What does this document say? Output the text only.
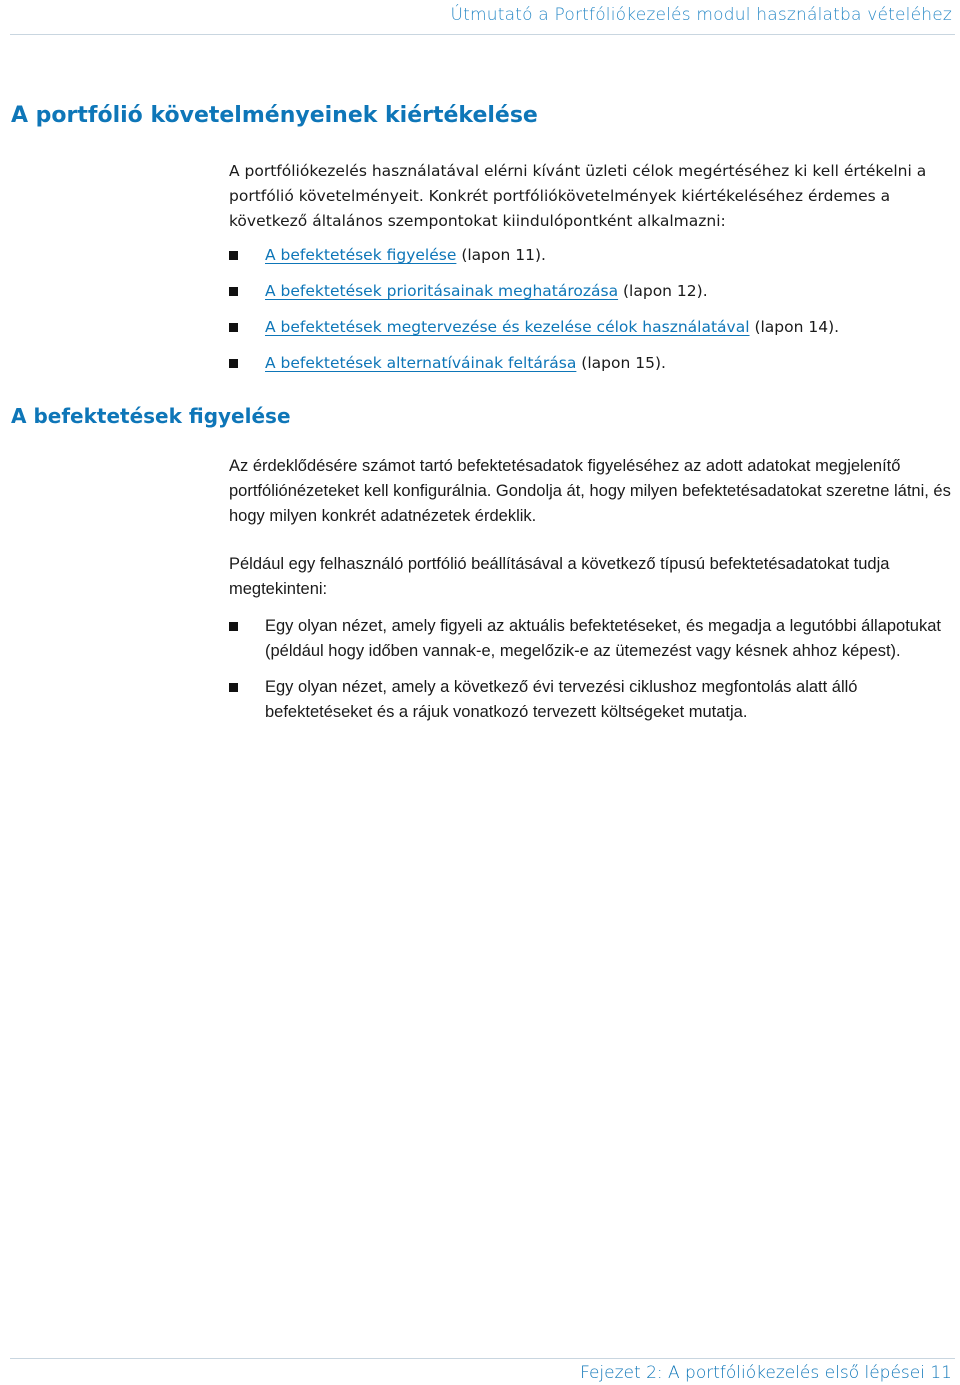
Útmutató a Portfóliókezelés modul használatba vételéhez
A portfólió követelményeinek kiértékelése

A portfóliókezelés használatával elérni kívánt üzleti célok megértéséhez ki kell értékelni a portfólió követelményeit. Konkrét portfóliókövetelmények kiértékeléséhez érdemes a következő általános szempontokat kiindulópontként alkalmazni:

A befektetések figyelése (lapon 11).
A befektetések prioritásainak meghatározása (lapon 12).
A befektetések megtervezése és kezelése célok használatával (lapon 14).
A befektetések alternatíváinak feltárása (lapon 15).
A befektetések figyelése

Az érdeklődésére számot tartó befektetésadatok figyeléséhez az adott adatokat megjelenítő portfóliónézeteket kell konfigurálnia. Gondolja át, hogy milyen befektetésadatokat szeretne látni, és hogy milyen konkrét adatnézetek érdeklik.

Például egy felhasználó portfólió beállításával a következő típusú befektetésadatokat tudja megtekinteni:

Egy olyan nézet, amely figyeli az aktuális befektetéseket, és megadja a legutóbbi állapotukat (például hogy időben vannak-e, megelőzik-e az ütemezést vagy késnek ahhoz képest).
Egy olyan nézet, amely a következő évi tervezési ciklushoz megfontolás alatt álló befektetéseket és a rájuk vonatkozó tervezett költségeket mutatja.
Fejezet 2: A portfóliókezelés első lépései 11
